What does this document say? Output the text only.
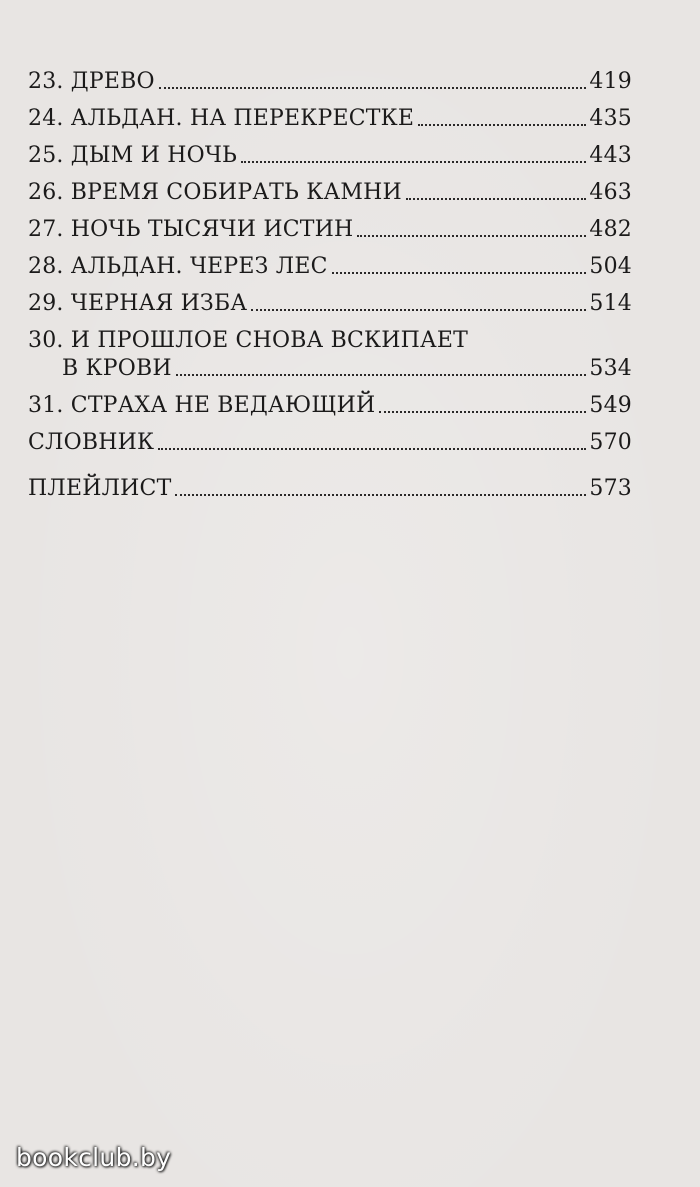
23. ДРЕВО	419
24. АЛЬДАН. НА ПЕРЕКРЕСТКЕ	435
25. ДЫМ И НОЧЬ	443
26. ВРЕМЯ СОБИРАТЬ КАМНИ	463
27. НОЧЬ ТЫСЯЧИ ИСТИН	482
28. АЛЬДАН. ЧЕРЕЗ ЛЕС	504
29. ЧЕРНАЯ ИЗБА	514
30. И ПРОШЛОЕ СНОВА ВСКИПАЕТ
В КРОВИ	534
31. СТРАХА НЕ ВЕДАЮЩИЙ	549
СЛОВНИК	570
ПЛЕЙЛИСТ	573
bookclub.by
